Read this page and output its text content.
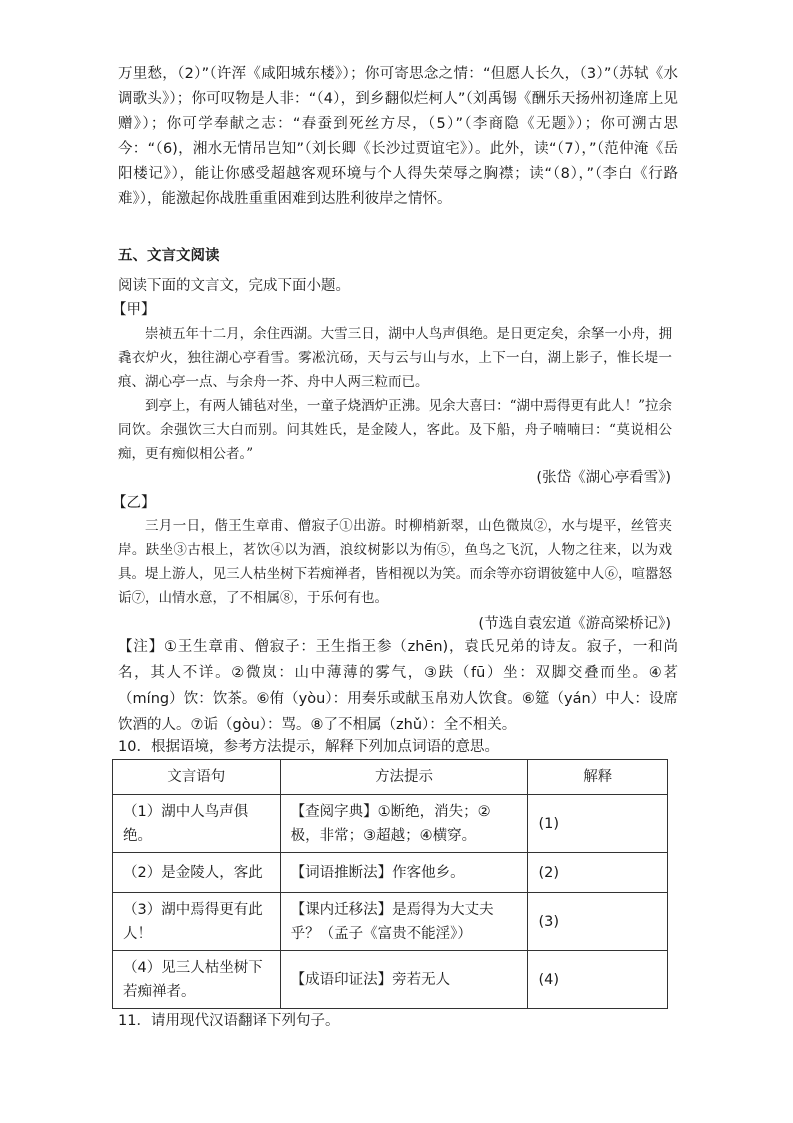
万里愁，（2）”（许浑《咸阳城东楼》）；你可寄思念之情：“但愿人长久，（3）”（苏轼《水调歌头》）；你可叹物是人非：“（4），到乡翻似烂柯人”（刘禹锡《酬乐天扬州初逢席上见赠》）；你可学奉献之志：“春蚕到死丝方尽，（5）”（李商隐《无题》）；你可溯古思今：“（6)，湘水无情吊岂知”（刘长卿《长沙过贾谊宅》）。此外，读“（7），”（范仲淹《岳阳楼记》），能让你感受超越客观环境与个人得失荣辱之胸襟；读“（8），”（李白《行路难》），能激起你战胜重重困难到达胜利彼岸之情怀。

五、文言文阅读
阅读下面的文言文，完成下面小题。
【甲】

崇祯五年十二月，余住西湖。大雪三日，湖中人鸟声俱绝。是日更定矣，余拏一小舟，拥毳衣炉火，独往湖心亭看雪。雾凇沆砀，天与云与山与水，上下一白，湖上影子，惟长堤一痕、湖心亭一点、与余舟一芥、舟中人两三粒而已。

到亭上，有两人铺毡对坐，一童子烧酒炉正沸。见余大喜曰：“湖中焉得更有此人！”拉余同饮。余强饮三大白而别。问其姓氏，是金陵人，客此。及下船，舟子喃喃曰：“莫说相公痴，更有痴似相公者。”

(张岱《湖心亭看雪》)
【乙】

三月一日，偕王生章甫、僧寂子①出游。时柳梢新翠，山色微岚②，水与堤平，丝管夹岸。趺坐③古根上，茗饮④以为酒，浪纹树影以为侑⑤，鱼鸟之飞沉，人物之往来，以为戏具。堤上游人，见三人枯坐树下若痴禅者，皆相视以为笑。而余等亦窃谓彼筵中人⑥，喧嚣怒诟⑦，山情水意，了不相属⑧，于乐何有也。

(节选自袁宏道《游高梁桥记》)

【注】①王生章甫、僧寂子：王生指王参（zhēn)，袁氏兄弟的诗友。寂子，一和尚名，其人不详。②微岚：山中薄薄的雾气，③趺（fū）坐：双脚交叠而坐。④茗（míng）饮：饮茶。⑥侑（yòu）：用奏乐或献玉帛劝人饮食。⑥筵（yán）中人：设席饮酒的人。⑦诟（gòu）：骂。⑧了不相属（zhǔ）：全不相关。

10．根据语境，参考方法提示，解释下列加点词语的意思。
文言语句	方法提示	解释
（1）湖中人鸟声俱绝。	【查阅字典】①断绝，消失；②极，非常；③超越；④横穿。	(1)
（2）是金陵人，客此	【词语推断法】作客他乡。	(2)
（3）湖中焉得更有此人！	【课内迁移法】是焉得为大丈夫乎？（孟子《富贵不能淫》）	(3)
（4）见三人枯坐树下若痴禅者。	【成语印证法】旁若无人	(4)
11．请用现代汉语翻译下列句子。
